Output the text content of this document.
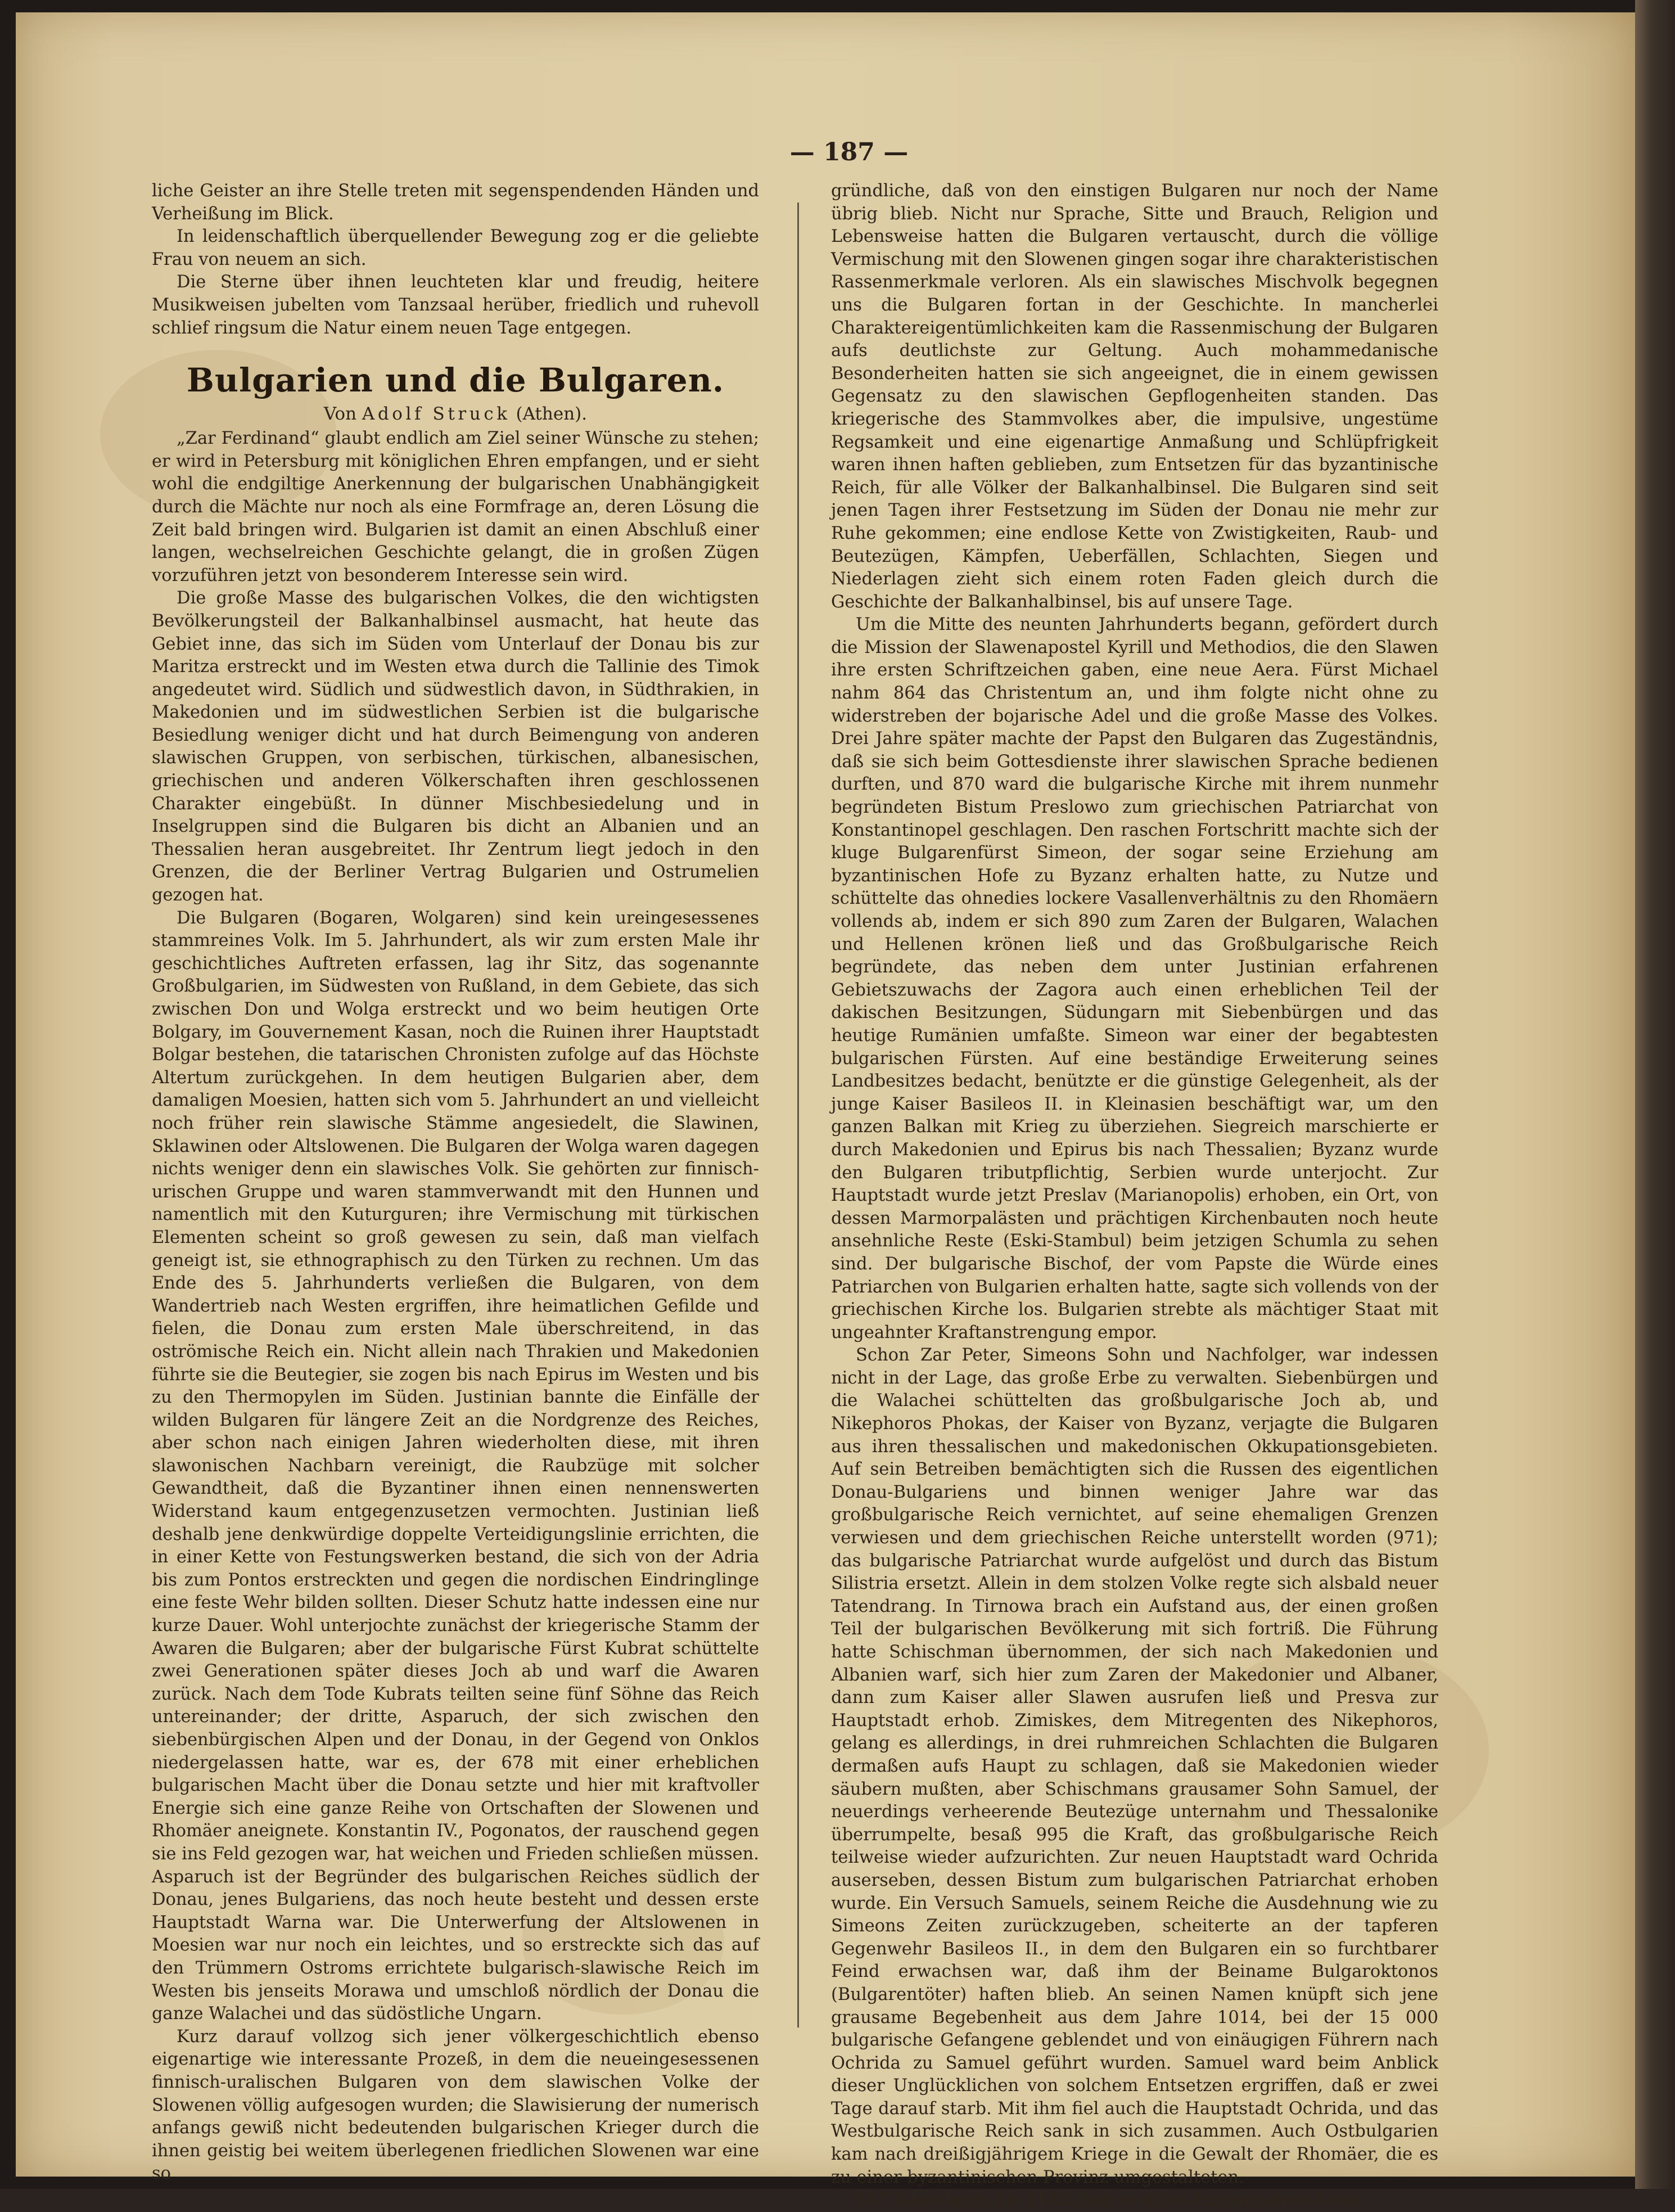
— 187 —

liche Geister an ihre Stelle treten mit segenspendenden Händen und Verheißung im Blick.

In leidenschaftlich überquellender Bewegung zog er die geliebte Frau von neuem an sich.

Die Sterne über ihnen leuchteten klar und freudig, heitere Musikweisen jubelten vom Tanzsaal herüber, friedlich und ruhevoll schlief ringsum die Natur einem neuen Tage entgegen.

Bulgarien und die Bulgaren.
Von Adolf Struck (Athen).

„Zar Ferdinand“ glaubt endlich am Ziel seiner Wünsche zu stehen; er wird in Petersburg mit königlichen Ehren empfangen, und er sieht wohl die endgiltige Anerkennung der bulgarischen Unabhängigkeit durch die Mächte nur noch als eine Formfrage an, deren Lösung die Zeit bald bringen wird. Bulgarien ist damit an einen Abschluß einer langen, wechselreichen Geschichte gelangt, die in großen Zügen vorzuführen jetzt von besonderem Interesse sein wird.

Die große Masse des bulgarischen Volkes, die den wichtigsten Bevölkerungsteil der Balkanhalbinsel ausmacht, hat heute das Gebiet inne, das sich im Süden vom Unterlauf der Donau bis zur Maritza erstreckt und im Westen etwa durch die Tallinie des Timok angedeutet wird. Südlich und südwestlich davon, in Südthrakien, in Makedonien und im südwestlichen Serbien ist die bulgarische Besiedlung weniger dicht und hat durch Beimengung von anderen slawischen Gruppen, von serbischen, türkischen, albanesischen, griechischen und anderen Völkerschaften ihren geschlossenen Charakter eingebüßt. In dünner Mischbesiedelung und in Inselgruppen sind die Bulgaren bis dicht an Albanien und an Thessalien heran ausgebreitet. Ihr Zentrum liegt jedoch in den Grenzen, die der Berliner Vertrag Bulgarien und Ostrumelien gezogen hat.

Die Bulgaren (Bogaren, Wolgaren) sind kein ureingesessenes stammreines Volk. Im 5. Jahrhundert, als wir zum ersten Male ihr geschichtliches Auftreten erfassen, lag ihr Sitz, das sogenannte Großbulgarien, im Südwesten von Rußland, in dem Gebiete, das sich zwischen Don und Wolga erstreckt und wo beim heutigen Orte Bolgary, im Gouvernement Kasan, noch die Ruinen ihrer Hauptstadt Bolgar bestehen, die tatarischen Chronisten zufolge auf das Höchste Altertum zurückgehen. In dem heutigen Bulgarien aber, dem damaligen Moesien, hatten sich vom 5. Jahrhundert an und vielleicht noch früher rein slawische Stämme angesiedelt, die Slawinen, Sklawinen oder Altslowenen. Die Bulgaren der Wolga waren dagegen nichts weniger denn ein slawisches Volk. Sie gehörten zur finnisch-urischen Gruppe und waren stammverwandt mit den Hunnen und namentlich mit den Kuturguren; ihre Vermischung mit türkischen Elementen scheint so groß gewesen zu sein, daß man vielfach geneigt ist, sie ethnographisch zu den Türken zu rechnen. Um das Ende des 5. Jahrhunderts verließen die Bulgaren, von dem Wandertrieb nach Westen ergriffen, ihre heimatlichen Gefilde und fielen, die Donau zum ersten Male überschreitend, in das oströmische Reich ein. Nicht allein nach Thrakien und Makedonien führte sie die Beutegier, sie zogen bis nach Epirus im Westen und bis zu den Thermopylen im Süden. Justinian bannte die Einfälle der wilden Bulgaren für längere Zeit an die Nordgrenze des Reiches, aber schon nach einigen Jahren wiederholten diese, mit ihren slawonischen Nachbarn vereinigt, die Raubzüge mit solcher Gewandtheit, daß die Byzantiner ihnen einen nennenswerten Widerstand kaum entgegenzusetzen vermochten. Justinian ließ deshalb jene denkwürdige doppelte Verteidigungslinie errichten, die in einer Kette von Festungswerken bestand, die sich von der Adria bis zum Pontos erstreckten und gegen die nordischen Eindringlinge eine feste Wehr bilden sollten. Dieser Schutz hatte indessen eine nur kurze Dauer. Wohl unterjochte zunächst der kriegerische Stamm der Awaren die Bulgaren; aber der bulgarische Fürst Kubrat schüttelte zwei Generationen später dieses Joch ab und warf die Awaren zurück. Nach dem Tode Kubrats teilten seine fünf Söhne das Reich untereinander; der dritte, Asparuch, der sich zwischen den siebenbürgischen Alpen und der Donau, in der Gegend von Onklos niedergelassen hatte, war es, der 678 mit einer erheblichen bulgarischen Macht über die Donau setzte und hier mit kraftvoller Energie sich eine ganze Reihe von Ortschaften der Slowenen und Rhomäer aneignete. Konstantin IV., Pogonatos, der rauschend gegen sie ins Feld gezogen war, hat weichen und Frieden schließen müssen. Asparuch ist der Begründer des bulgarischen Reiches südlich der Donau, jenes Bulgariens, das noch heute besteht und dessen erste Hauptstadt Warna war. Die Unterwerfung der Altslowenen in Moesien war nur noch ein leichtes, und so erstreckte sich das auf den Trümmern Ostroms errichtete bulgarisch-slawische Reich im Westen bis jenseits Morawa und umschloß nördlich der Donau die ganze Walachei und das südöstliche Ungarn.

Kurz darauf vollzog sich jener völkergeschichtlich ebenso eigenartige wie interessante Prozeß, in dem die neueingesessenen finnisch-uralischen Bulgaren von dem slawischen Volke der Slowenen völlig aufgesogen wurden; die Slawisierung der numerisch anfangs gewiß nicht bedeutenden bulgarischen Krieger durch die ihnen geistig bei weitem überlegenen friedlichen Slowenen war eine so

gründliche, daß von den einstigen Bulgaren nur noch der Name übrig blieb. Nicht nur Sprache, Sitte und Brauch, Religion und Lebensweise hatten die Bulgaren vertauscht, durch die völlige Vermischung mit den Slowenen gingen sogar ihre charakteristischen Rassenmerkmale verloren. Als ein slawisches Mischvolk begegnen uns die Bulgaren fortan in der Geschichte. In mancherlei Charaktereigentümlichkeiten kam die Rassenmischung der Bulgaren aufs deutlichste zur Geltung. Auch mohammedanische Besonderheiten hatten sie sich angeeignet, die in einem gewissen Gegensatz zu den slawischen Gepflogenheiten standen. Das kriegerische des Stammvolkes aber, die impulsive, ungestüme Regsamkeit und eine eigenartige Anmaßung und Schlüpfrigkeit waren ihnen haften geblieben, zum Entsetzen für das byzantinische Reich, für alle Völker der Balkanhalbinsel. Die Bulgaren sind seit jenen Tagen ihrer Festsetzung im Süden der Donau nie mehr zur Ruhe gekommen; eine endlose Kette von Zwistigkeiten, Raub- und Beutezügen, Kämpfen, Ueberfällen, Schlachten, Siegen und Niederlagen zieht sich einem roten Faden gleich durch die Geschichte der Balkanhalbinsel, bis auf unsere Tage.

Um die Mitte des neunten Jahrhunderts begann, gefördert durch die Mission der Slawenapostel Kyrill und Methodios, die den Slawen ihre ersten Schriftzeichen gaben, eine neue Aera. Fürst Michael nahm 864 das Christentum an, und ihm folgte nicht ohne zu widerstreben der bojarische Adel und die große Masse des Volkes. Drei Jahre später machte der Papst den Bulgaren das Zugeständnis, daß sie sich beim Gottesdienste ihrer slawischen Sprache bedienen durften, und 870 ward die bulgarische Kirche mit ihrem nunmehr begründeten Bistum Preslowo zum griechischen Patriarchat von Konstantinopel geschlagen. Den raschen Fortschritt machte sich der kluge Bulgarenfürst Simeon, der sogar seine Erziehung am byzantinischen Hofe zu Byzanz erhalten hatte, zu Nutze und schüttelte das ohnedies lockere Vasallenverhältnis zu den Rhomäern vollends ab, indem er sich 890 zum Zaren der Bulgaren, Walachen und Hellenen krönen ließ und das Großbulgarische Reich begründete, das neben dem unter Justinian erfahrenen Gebietszuwachs der Zagora auch einen erheblichen Teil der dakischen Besitzungen, Südungarn mit Siebenbürgen und das heutige Rumänien umfaßte. Simeon war einer der begabtesten bulgarischen Fürsten. Auf eine beständige Erweiterung seines Landbesitzes bedacht, benützte er die günstige Gelegenheit, als der junge Kaiser Basileos II. in Kleinasien beschäftigt war, um den ganzen Balkan mit Krieg zu überziehen. Siegreich marschierte er durch Makedonien und Epirus bis nach Thessalien; Byzanz wurde den Bulgaren tributpflichtig, Serbien wurde unterjocht. Zur Hauptstadt wurde jetzt Preslav (Marianopolis) erhoben, ein Ort, von dessen Marmorpalästen und prächtigen Kirchenbauten noch heute ansehnliche Reste (Eski-Stambul) beim jetzigen Schumla zu sehen sind. Der bulgarische Bischof, der vom Papste die Würde eines Patriarchen von Bulgarien erhalten hatte, sagte sich vollends von der griechischen Kirche los. Bulgarien strebte als mächtiger Staat mit ungeahnter Kraftanstrengung empor.

Schon Zar Peter, Simeons Sohn und Nachfolger, war indessen nicht in der Lage, das große Erbe zu verwalten. Siebenbürgen und die Walachei schüttelten das großbulgarische Joch ab, und Nikephoros Phokas, der Kaiser von Byzanz, verjagte die Bulgaren aus ihren thessalischen und makedonischen Okkupationsgebieten. Auf sein Betreiben bemächtigten sich die Russen des eigentlichen Donau-Bulgariens und binnen weniger Jahre war das großbulgarische Reich vernichtet, auf seine ehemaligen Grenzen verwiesen und dem griechischen Reiche unterstellt worden (971); das bulgarische Patriarchat wurde aufgelöst und durch das Bistum Silistria ersetzt. Allein in dem stolzen Volke regte sich alsbald neuer Tatendrang. In Tirnowa brach ein Aufstand aus, der einen großen Teil der bulgarischen Bevölkerung mit sich fortriß. Die Führung hatte Schischman übernommen, der sich nach Makedonien und Albanien warf, sich hier zum Zaren der Makedonier und Albaner, dann zum Kaiser aller Slawen ausrufen ließ und Presva zur Hauptstadt erhob. Zimiskes, dem Mitregenten des Nikephoros, gelang es allerdings, in drei ruhmreichen Schlachten die Bulgaren dermaßen aufs Haupt zu schlagen, daß sie Makedonien wieder säubern mußten, aber Schischmans grausamer Sohn Samuel, der neuerdings verheerende Beutezüge unternahm und Thessalonike überrumpelte, besaß 995 die Kraft, das großbulgarische Reich teilweise wieder aufzurichten. Zur neuen Hauptstadt ward Ochrida auserseben, dessen Bistum zum bulgarischen Patriarchat erhoben wurde. Ein Versuch Samuels, seinem Reiche die Ausdehnung wie zu Simeons Zeiten zurückzugeben, scheiterte an der tapferen Gegenwehr Basileos II., in dem den Bulgaren ein so furchtbarer Feind erwachsen war, daß ihm der Beiname Bulgaroktonos (Bulgarentöter) haften blieb. An seinen Namen knüpft sich jene grausame Begebenheit aus dem Jahre 1014, bei der 15 000 bulgarische Gefangene geblendet und von einäugigen Führern nach Ochrida zu Samuel geführt wurden. Samuel ward beim Anblick dieser Unglücklichen von solchem Entsetzen ergriffen, daß er zwei Tage darauf starb. Mit ihm fiel auch die Hauptstadt Ochrida, und das Westbulgarische Reich sank in sich zusammen. Auch Ostbulgarien kam nach dreißigjährigem Kriege in die Gewalt der Rhomäer, die es zu einer byzantinischen Provinz umgestalteten.

167 Jahre lang, bis 1186, gab es einen bulgarischen Staat
